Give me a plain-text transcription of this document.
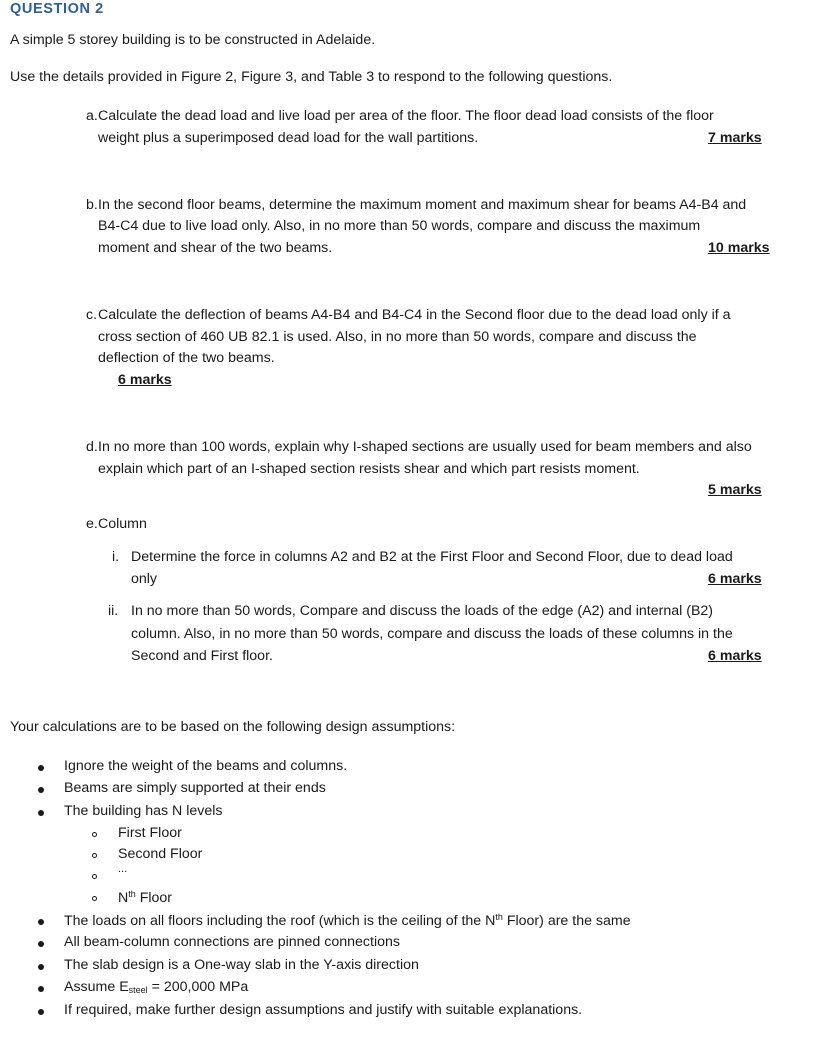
QUESTION 2
A simple 5 storey building is to be constructed in Adelaide.
Use the details provided in Figure 2, Figure 3, and Table 3 to respond to the following questions.
a. Calculate the dead load and live load per area of the floor. The floor dead load consists of the floor
weight plus a superimposed dead load for the wall partitions.	7 marks
b. In the second floor beams, determine the maximum moment and maximum shear for beams A4-B4 and
B4-C4 due to live load only. Also, in no more than 50 words, compare and discuss the maximum
moment and shear of the two beams.	10 marks
c. Calculate the deflection of beams A4-B4 and B4-C4 in the Second floor due to the dead load only if a
cross section of 460 UB 82.1 is used. Also, in no more than 50 words, compare and discuss the
deflection of the two beams.
6 marks
d. In no more than 100 words, explain why I-shaped sections are usually used for beam members and also
explain which part of an I-shaped section resists shear and which part resists moment.
5 marks
e. Column
i. Determine the force in columns A2 and B2 at the First Floor and Second Floor, due to dead load
only	6 marks
ii. In no more than 50 words, Compare and discuss the loads of the edge (A2) and internal (B2)
column. Also, in no more than 50 words, compare and discuss the loads of these columns in the
Second and First floor.	6 marks
Your calculations are to be based on the following design assumptions:
Ignore the weight of the beams and columns.
Beams are simply supported at their ends
The building has N levels
First Floor
Second Floor
...
$N^{th}$ Floor
The loads on all floors including the roof (which is the ceiling of the $N^{th}$ Floor) are the same
All beam-column connections are pinned connections
The slab design is a One-way slab in the Y-axis direction
Assume $E_{steel} = 200,000$ MPa
If required, make further design assumptions and justify with suitable explanations.
